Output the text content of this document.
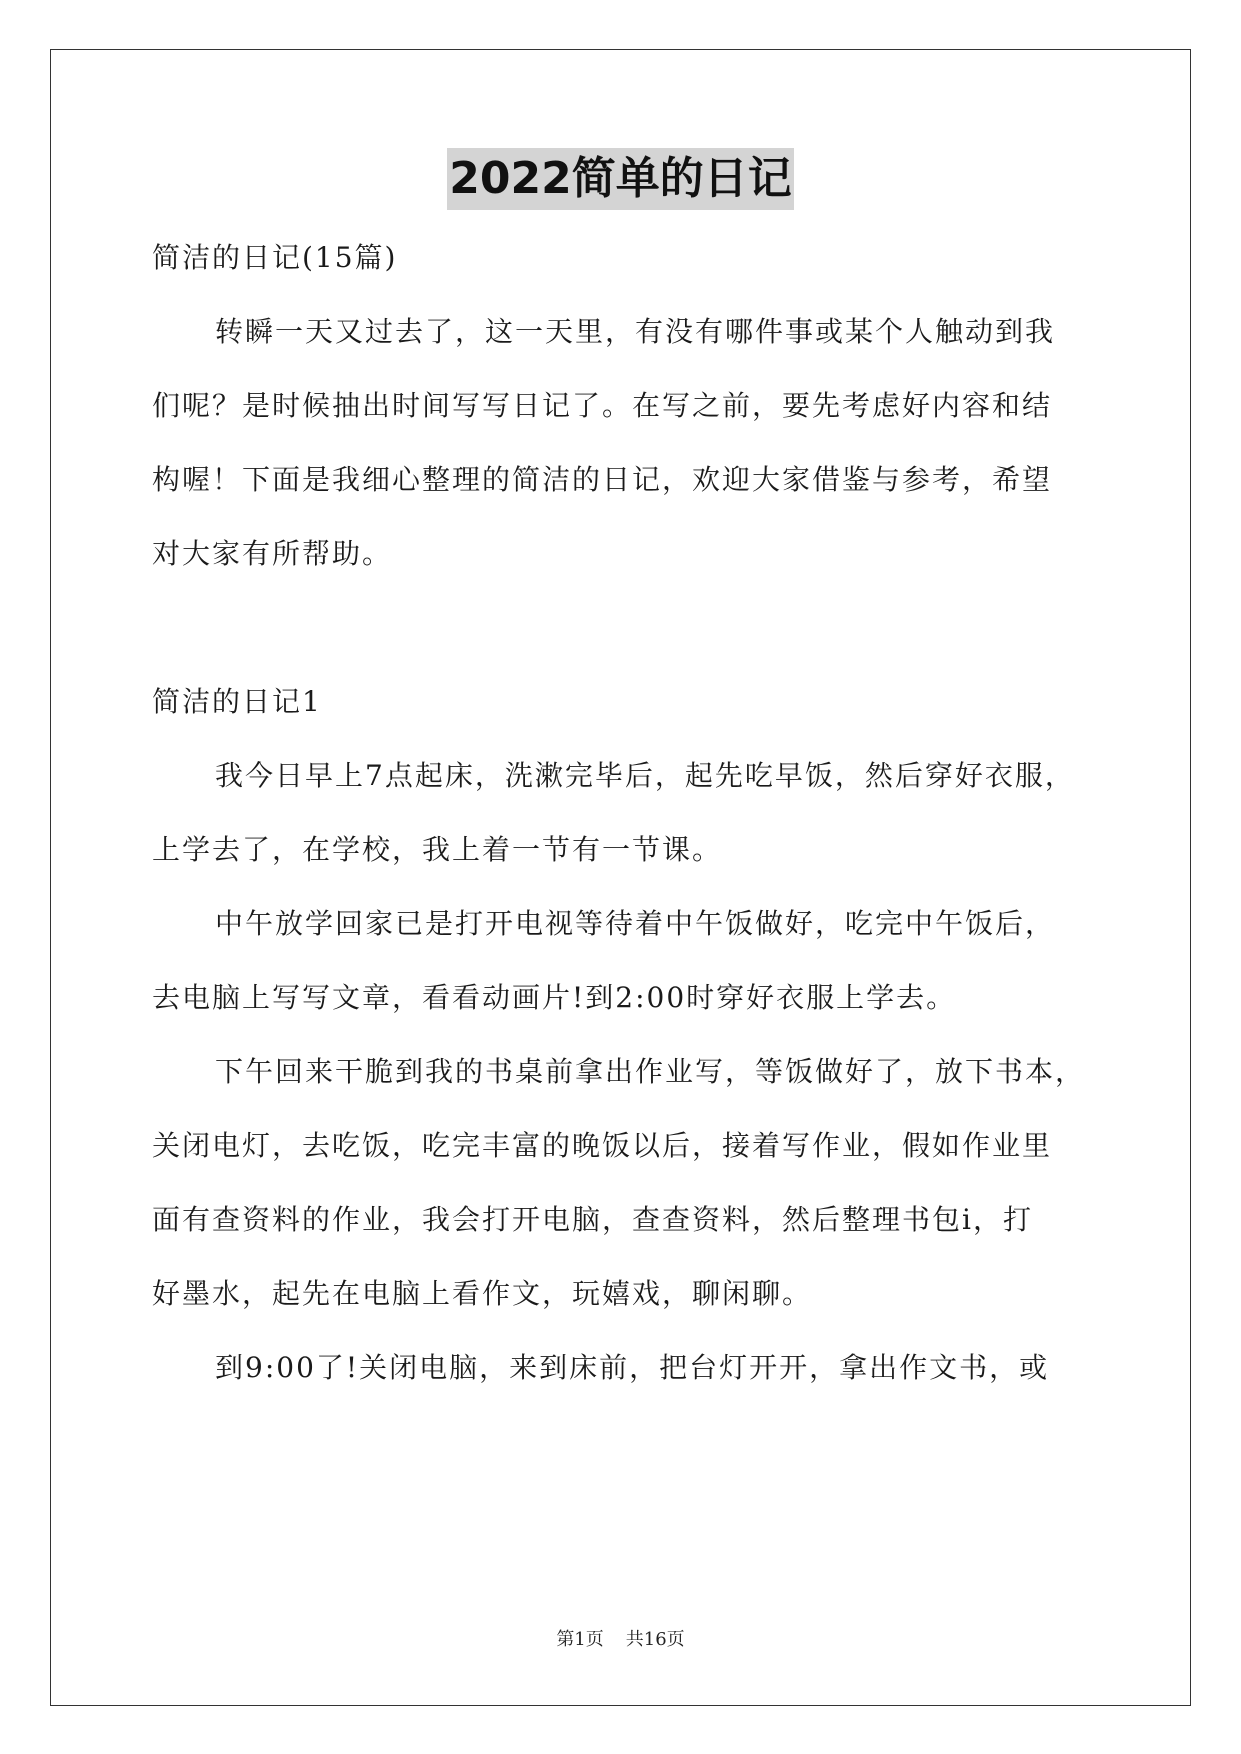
2022简单的日记
简洁的日记(15篇)
转瞬一天又过去了，这一天里，有没有哪件事或某个人触动到我
们呢？是时候抽出时间写写日记了。在写之前，要先考虑好内容和结
构喔！下面是我细心整理的简洁的日记，欢迎大家借鉴与参考，希望
对大家有所帮助。
简洁的日记1
我今日早上7点起床，洗漱完毕后，起先吃早饭，然后穿好衣服，
上学去了，在学校，我上着一节有一节课。
中午放学回家已是打开电视等待着中午饭做好，吃完中午饭后，
去电脑上写写文章，看看动画片!到2:00时穿好衣服上学去。
下午回来干脆到我的书桌前拿出作业写，等饭做好了，放下书本，
关闭电灯，去吃饭，吃完丰富的晚饭以后，接着写作业，假如作业里
面有查资料的作业，我会打开电脑，查查资料，然后整理书包i，打
好墨水，起先在电脑上看作文，玩嬉戏，聊闲聊。
到9:00了!关闭电脑，来到床前，把台灯开开，拿出作文书，或
第1页 共16页
